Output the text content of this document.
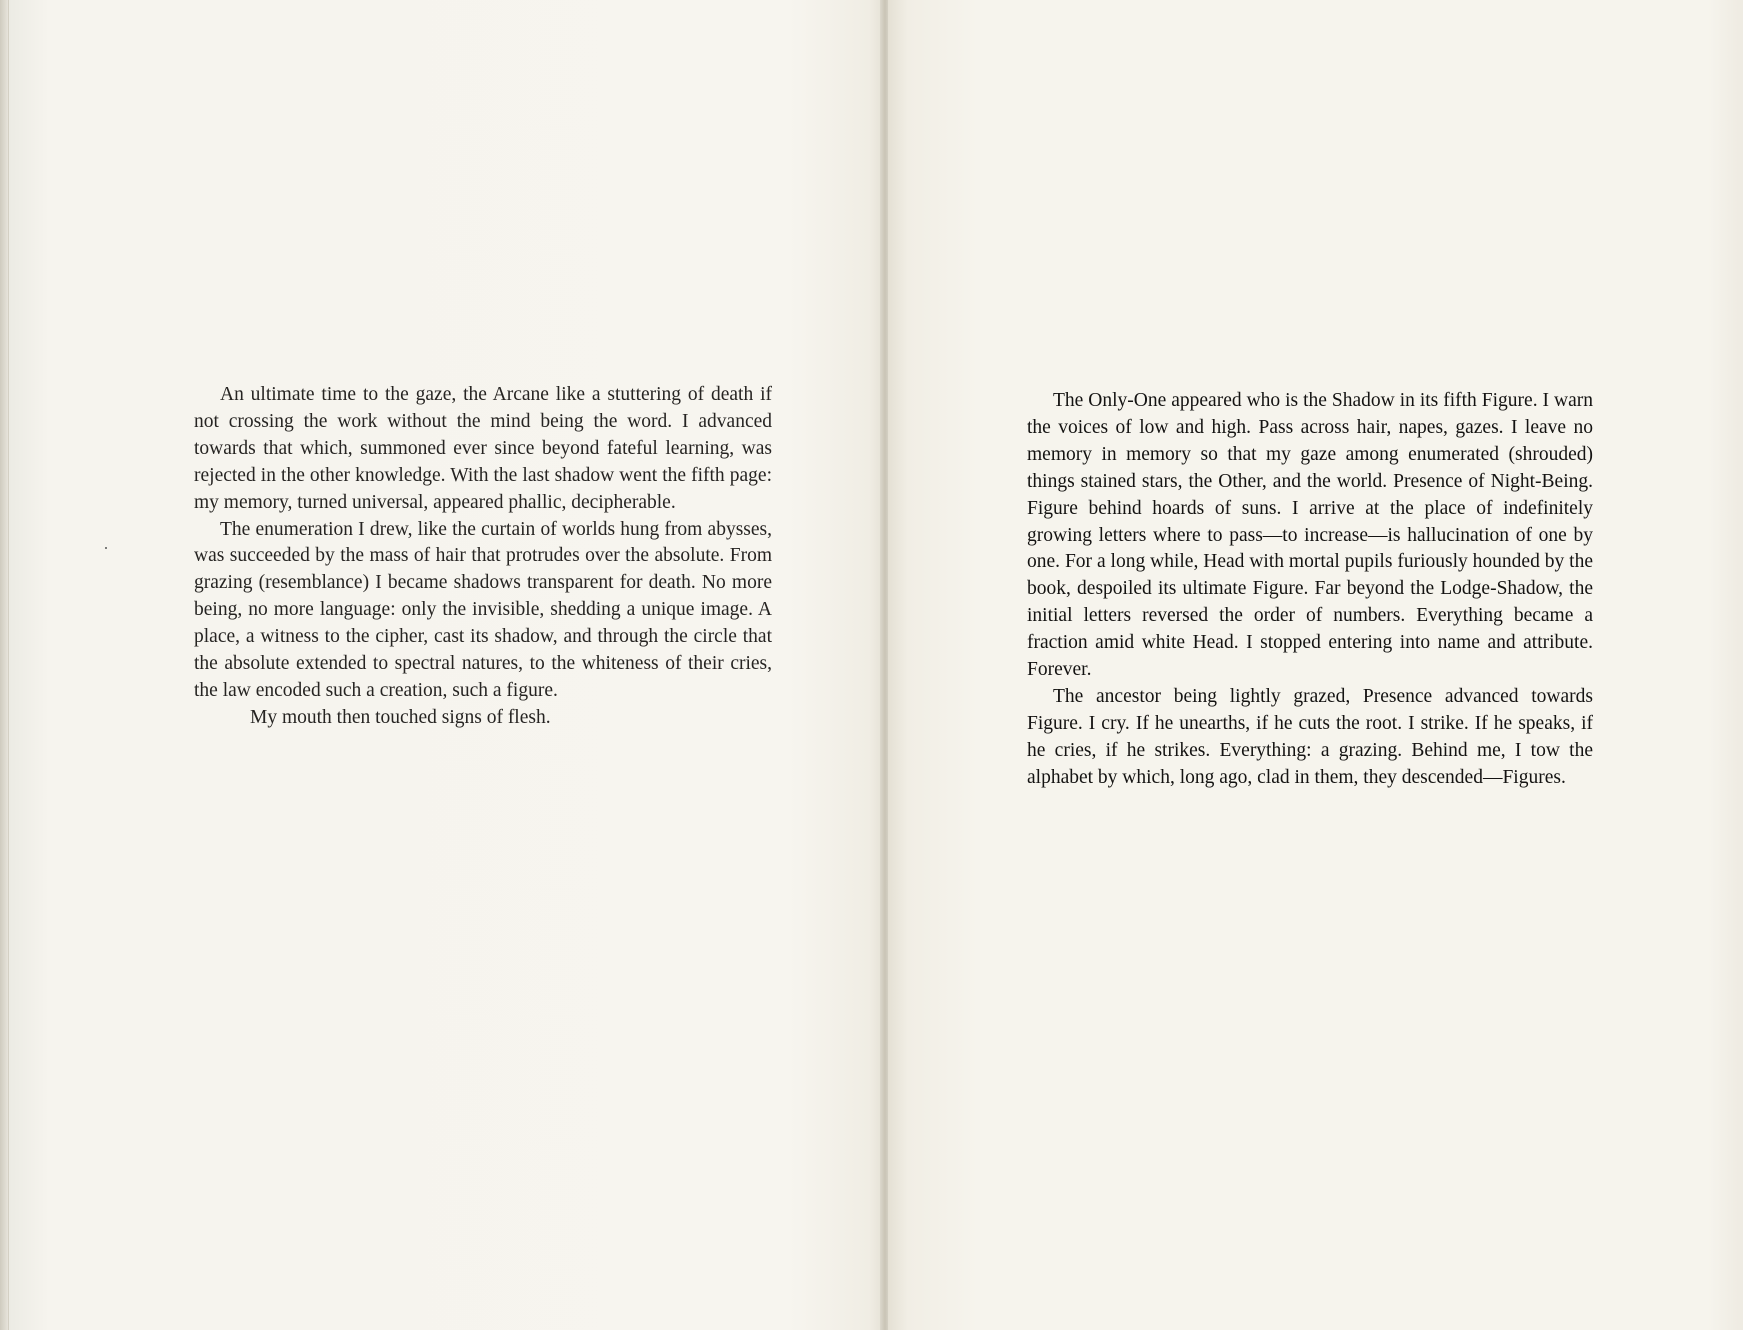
An ultimate time to the gaze, the Arcane like a stuttering of death if not crossing the work without the mind being the word. I advanced towards that which, summoned ever since beyond fateful learning, was rejected in the other knowledge. With the last shadow went the fifth page: my memory, turned universal, appeared phallic, decipherable.

The enumeration I drew, like the curtain of worlds hung from abysses, was succeeded by the mass of hair that protrudes over the absolute. From grazing (resemblance) I became shadows transparent for death. No more being, no more language: only the invisible, shedding a unique image. A place, a witness to the cipher, cast its shadow, and through the circle that the absolute extended to spectral natures, to the whiteness of their cries, the law encoded such a creation, such a figure.

My mouth then touched signs of flesh.

The Only-One appeared who is the Shadow in its fifth Figure. I warn the voices of low and high. Pass across hair, napes, gazes. I leave no memory in memory so that my gaze among enumerated (shrouded) things stained stars, the Other, and the world. Presence of Night-Being. Figure behind hoards of suns. I arrive at the place of indefinitely growing letters where to pass—to increase—is hallucination of one by one. For a long while, Head with mortal pupils furiously hounded by the book, despoiled its ultimate Figure. Far beyond the Lodge-Shadow, the initial letters reversed the order of numbers. Everything became a fraction amid white Head. I stopped entering into name and attribute. Forever.

The ancestor being lightly grazed, Presence advanced towards Figure. I cry. If he unearths, if he cuts the root. I strike. If he speaks, if he cries, if he strikes. Everything: a grazing. Behind me, I tow the alphabet by which, long ago, clad in them, they descended—Figures.
